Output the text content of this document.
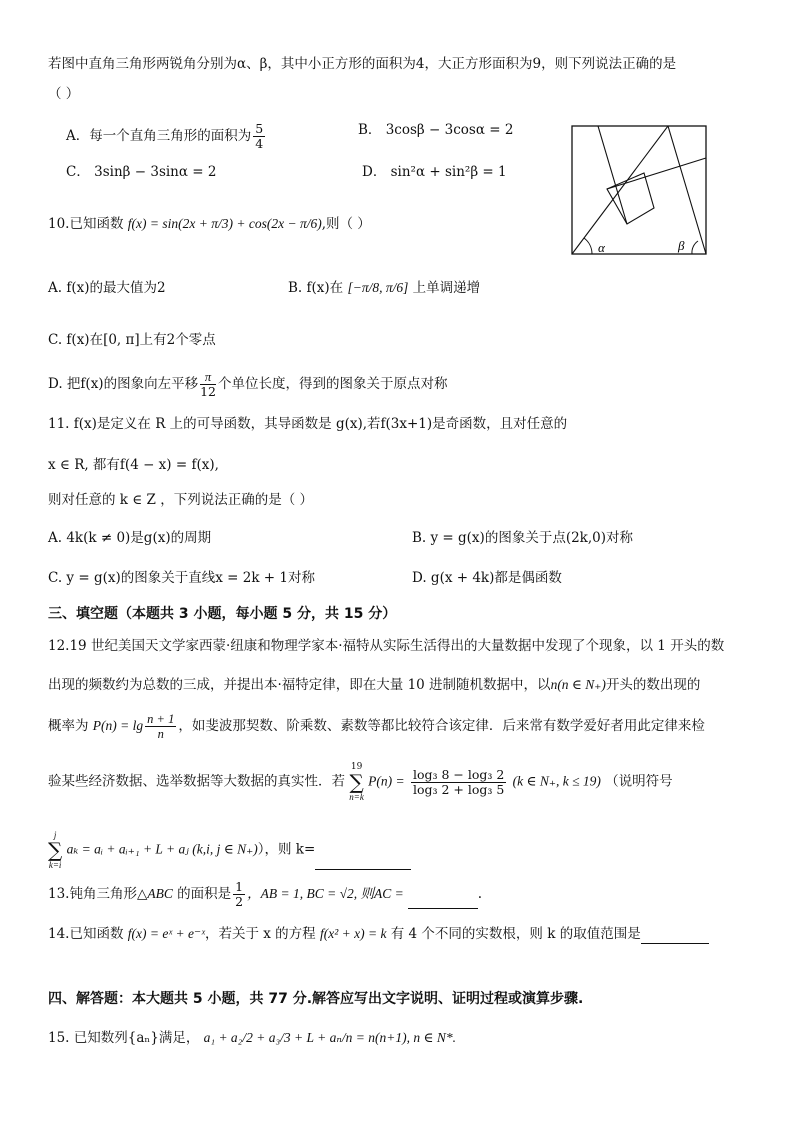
若图中直角三角形两锐角分别为α、β，其中小正方形的面积为4，大正方形面积为9，则下列说法正确的是
（ ）
A．每一个直角三角形的面积为 $\frac{5}{4}$	B． 3cosβ − 3cosα = 2
C． 3sinβ − 3sinα = 2	D． sin²α + sin²β = 1
α	β
10.已知函数 f(x) = sin(2x + π/3) + cos(2x − π/6),则（ ）
A. f(x)的最大值为2	B. f(x)在 [−π/8, π/6] 上单调递增
C. f(x)在[0, π]上有2个零点
D. 把f(x)的图象向左平移 $\frac{\pi}{12}$ 个单位长度，得到的图象关于原点对称
11. f(x)是定义在 R 上的可导函数，其导函数是 g(x),若f(3x+1)是奇函数，且对任意的
x ∈ R, 都有f(4 − x) = f(x),
则对任意的 k ∈ Z ，下列说法正确的是（ ）
A. 4k(k ≠ 0)是g(x)的周期	B. y = g(x)的图象关于点(2k,0)对称
C. y = g(x)的图象关于直线x = 2k + 1对称	D. g(x + 4k)都是偶函数
三、填空题（本题共 3 小题，每小题 5 分，共 15 分）
12.19 世纪美国天文学家西蒙·纽康和物理学家本·福特从实际生活得出的大量数据中发现了个现象，以 1 开头的数
出现的频数约为总数的三成，并提出本·福特定律，即在大量 10 进制随机数据中，以n(n ∈ N₊)开头的数出现的
概率为 $P(n) = \lg \frac{n + 1}{n}$ ，如斐波那契数、阶乘数、素数等都比较符合该定律．后来常有数学爱好者用此定律来检
验某些经济数据、选举数据等大数据的真实性．若
19
∑
n=k
$P(n) = \frac{\text{log₃ 8 − log₃ 2}}{\text{log₃ 2 + log₃ 5}} (k$ ∈ N₊, k ≤ 19) （说明符号
j
∑
k=i
aₖ = aᵢ + aᵢ₊₁ + L + aⱼ (k,i, j ∈ N₊)），则 k=
13.钝角三角形△ABC 的面积是 $\frac{1}{2}$ ，AB = 1, BC = √2, 则AC =	.
14.已知函数 f(x) = eˣ + e⁻ˣ，若关于 x 的方程 f(x² + x) = k 有 4 个不同的实数根，则 k 的取值范围是
四、解答题：本大题共 5 小题，共 77 分.解答应写出文字说明、证明过程或演算步骤.
15. 已知数列{aₙ}满足， a₁ + a₂/2 + a₃/3 + L + aₙ/n = n(n+1), n ∈ N*.
